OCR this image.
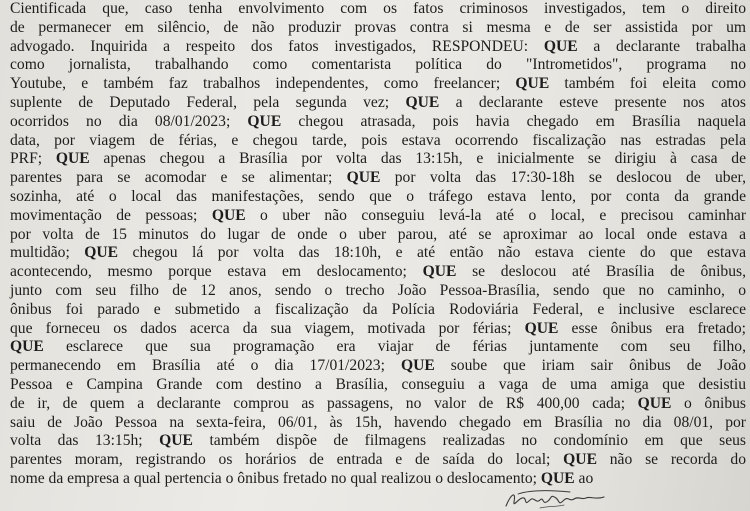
Cientificada que, caso tenha envolvimento com os fatos criminosos investigados, tem o direito
de permanecer em silêncio, de não produzir provas contra si mesma e de ser assistida por um
advogado. Inquirida a respeito dos fatos investigados, RESPONDEU: QUE a declarante trabalha
como jornalista, trabalhando como comentarista política do "Intrometidos", programa no
Youtube, e também faz trabalhos independentes, como freelancer; QUE também foi eleita como
suplente de Deputado Federal, pela segunda vez; QUE a declarante esteve presente nos atos
ocorridos no dia 08/01/2023; QUE chegou atrasada, pois havia chegado em Brasília naquela
data, por viagem de férias, e chegou tarde, pois estava ocorrendo fiscalização nas estradas pela
PRF; QUE apenas chegou a Brasília por volta das 13:15h, e inicialmente se dirigiu à casa de
parentes para se acomodar e se alimentar; QUE por volta das 17:30-18h se deslocou de uber,
sozinha, até o local das manifestações, sendo que o tráfego estava lento, por conta da grande
movimentação de pessoas; QUE o uber não conseguiu levá-la até o local, e precisou caminhar
por volta de 15 minutos do lugar de onde o uber parou, até se aproximar ao local onde estava a
multidão; QUE chegou lá por volta das 18:10h, e até então não estava ciente do que estava
acontecendo, mesmo porque estava em deslocamento; QUE se deslocou até Brasília de ônibus,
junto com seu filho de 12 anos, sendo o trecho João Pessoa-Brasília, sendo que no caminho, o
ônibus foi parado e submetido a fiscalização da Polícia Rodoviária Federal, e inclusive esclarece
que forneceu os dados acerca da sua viagem, motivada por férias; QUE esse ônibus era fretado;
QUE esclarece que sua programação era viajar de férias juntamente com seu filho,
permanecendo em Brasília até o dia 17/01/2023; QUE soube que iriam sair ônibus de João
Pessoa e Campina Grande com destino a Brasília, conseguiu a vaga de uma amiga que desistiu
de ir, de quem a declarante comprou as passagens, no valor de R$ 400,00 cada; QUE o ônibus
saiu de João Pessoa na sexta-feira, 06/01, às 15h, havendo chegado em Brasília no dia 08/01, por
volta das 13:15h; QUE também dispõe de filmagens realizadas no condomínio em que seus
parentes moram, registrando os horários de entrada e de saída do local; QUE não se recorda do
nome da empresa a qual pertencia o ônibus fretado no qual realizou o deslocamento; QUE ao
